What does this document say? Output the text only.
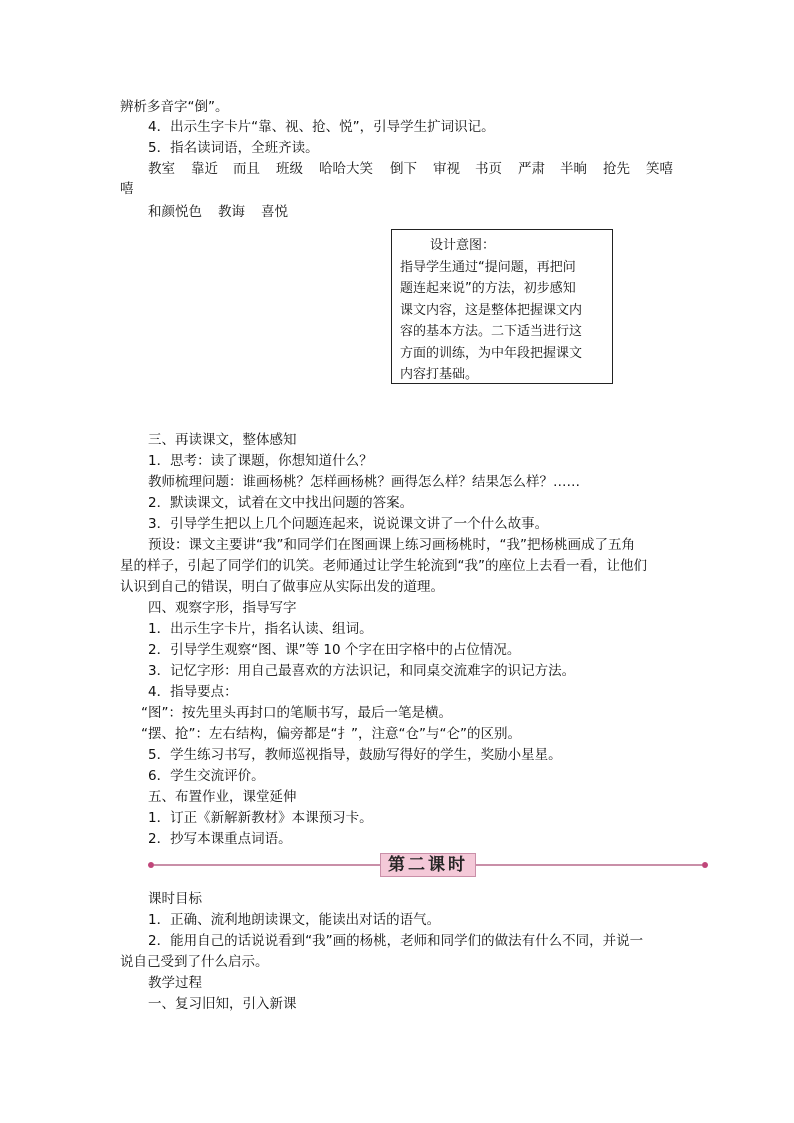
辨析多音字“倒”。
4．出示生字卡片“靠、视、抢、悦”，引导学生扩词识记。
5．指名读词语，全班齐读。
教室 靠近 而且 班级 哈哈大笑 倒下 审视 书页 严肃 半晌 抢先 笑嘻
嘻
和颜悦色 教诲 喜悦
设计意图：
指导学生通过“提问题，再把问
题连起来说”的方法，初步感知
课文内容，这是整体把握课文内
容的基本方法。二下适当进行这
方面的训练，为中年段把握课文
内容打基础。
三、再读课文，整体感知
1．思考：读了课题，你想知道什么？
教师梳理问题：谁画杨桃？怎样画杨桃？画得怎么样？结果怎么样？……
2．默读课文，试着在文中找出问题的答案。
3．引导学生把以上几个问题连起来，说说课文讲了一个什么故事。
预设：课文主要讲“我”和同学们在图画课上练习画杨桃时，“我”把杨桃画成了五角
星的样子，引起了同学们的讥笑。老师通过让学生轮流到“我”的座位上去看一看，让他们
认识到自己的错误，明白了做事应从实际出发的道理。
四、观察字形，指导写字
1．出示生字卡片，指名认读、组词。
2．引导学生观察“图、课”等 10 个字在田字格中的占位情况。
3．记忆字形：用自己最喜欢的方法识记，和同桌交流难字的识记方法。
4．指导要点：
“图”：按先里头再封口的笔顺书写，最后一笔是横。
“摆、抢”：左右结构，偏旁都是“扌”，注意“仓”与“仑”的区别。
5．学生练习书写，教师巡视指导，鼓励写得好的学生，奖励小星星。
6．学生交流评价。
五、布置作业，课堂延伸
1．订正《新解新教材》本课预习卡。
2．抄写本课重点词语。
第二课时
课时目标
1．正确、流利地朗读课文，能读出对话的语气。
2．能用自己的话说说看到“我”画的杨桃，老师和同学们的做法有什么不同，并说一
说自己受到了什么启示。
教学过程
一、复习旧知，引入新课
